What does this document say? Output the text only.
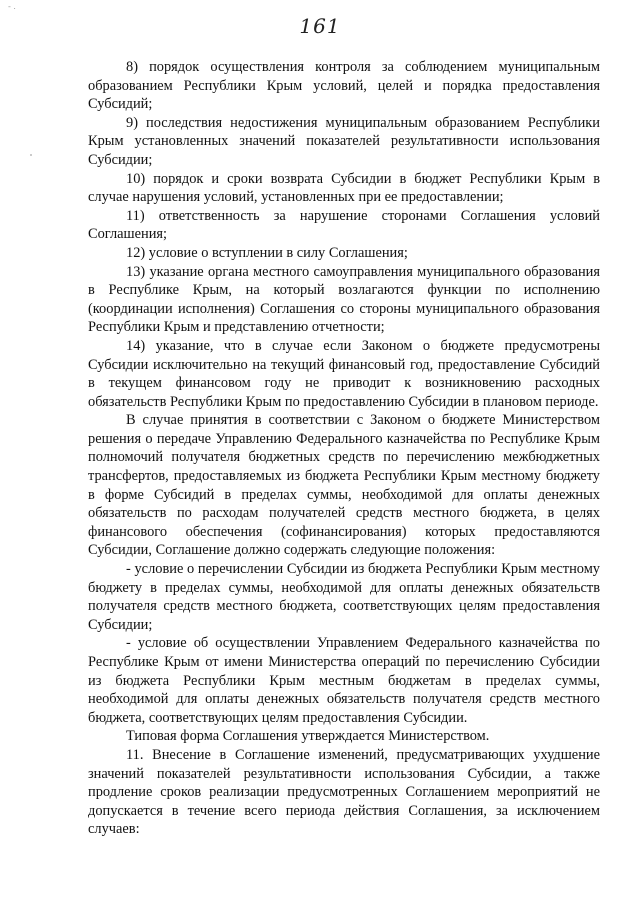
- .
161

8) порядок осуществления контроля за соблюдением муниципальным образованием Республики Крым условий, целей и порядка предоставления Субсидий;

9) последствия недостижения муниципальным образованием Республики Крым установленных значений показателей результативности использования Субсидии;

10) порядок и сроки возврата Субсидии в бюджет Республики Крым в случае нарушения условий, установленных при ее предоставлении;

11) ответственность за нарушение сторонами Соглашения условий Соглашения;

12) условие о вступлении в силу Соглашения;

13) указание органа местного самоуправления муниципального образования в Республике Крым, на который возлагаются функции по исполнению (координации исполнения) Соглашения со стороны муниципального образования Республики Крым и представлению отчетности;

14) указание, что в случае если Законом о бюджете предусмотрены Субсидии исключительно на текущий финансовый год, предоставление Субсидий в текущем финансовом году не приводит к возникновению расходных обязательств Республики Крым по предоставлению Субсидии в плановом периоде.

В случае принятия в соответствии с Законом о бюджете Министерством решения о передаче Управлению Федерального казначейства по Республике Крым полномочий получателя бюджетных средств по перечислению межбюджетных трансфертов, предоставляемых из бюджета Республики Крым местному бюджету в форме Субсидий в пределах суммы, необходимой для оплаты денежных обязательств по расходам получателей средств местного бюджета, в целях финансового обеспечения (софинансирования) которых предоставляются Субсидии, Соглашение должно содержать следующие положения:

- условие о перечислении Субсидии из бюджета Республики Крым местному бюджету в пределах суммы, необходимой для оплаты денежных обязательств получателя средств местного бюджета, соответствующих целям предоставления Субсидии;

- условие об осуществлении Управлением Федерального казначейства по Республике Крым от имени Министерства операций по перечислению Субсидии из бюджета Республики Крым местным бюджетам в пределах суммы, необходимой для оплаты денежных обязательств получателя средств местного бюджета, соответствующих целям предоставления Субсидии.

Типовая форма Соглашения утверждается Министерством.

11. Внесение в Соглашение изменений, предусматривающих ухудшение значений показателей результативности использования Субсидии, а также продление сроков реализации предусмотренных Соглашением мероприятий не допускается в течение всего периода действия Соглашения, за исключением случаев:
